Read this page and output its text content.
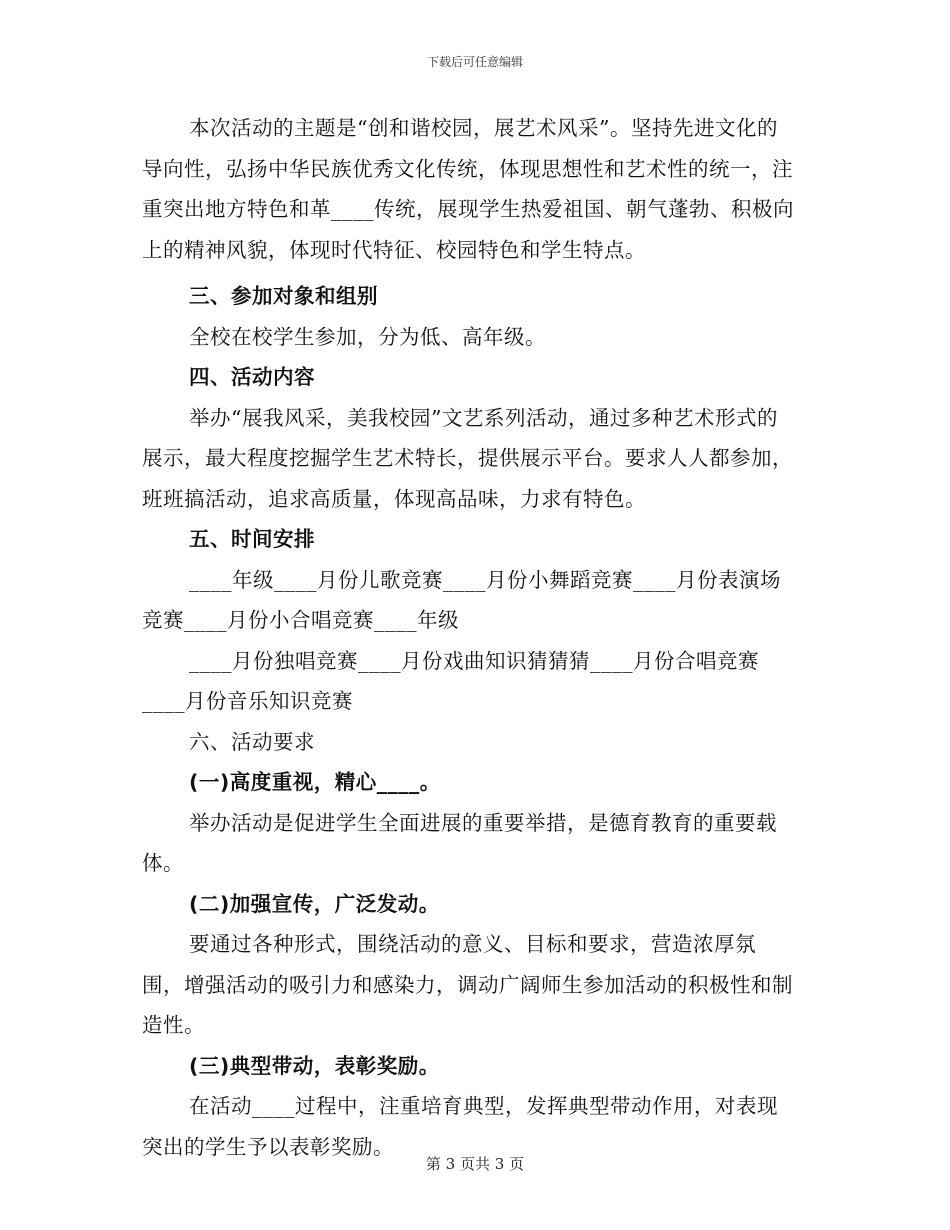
下载后可任意编辑

本次活动的主题是“创和谐校园，展艺术风采”。坚持先进文化的导向性，弘扬中华民族优秀文化传统，体现思想性和艺术性的统一，注重突出地方特色和革____传统，展现学生热爱祖国、朝气蓬勃、积极向上的精神风貌，体现时代特征、校园特色和学生特点。

三、参加对象和组别

全校在校学生参加，分为低、高年级。

四、活动内容

举办“展我风采，美我校园”文艺系列活动，通过多种艺术形式的展示，最大程度挖掘学生艺术特长，提供展示平台。要求人人都参加，班班搞活动，追求高质量，体现高品味，力求有特色。

五、时间安排

____年级____月份儿歌竞赛____月份小舞蹈竞赛____月份表演场竞赛____月份小合唱竞赛____年级

____月份独唱竞赛____月份戏曲知识猜猜猜____月份合唱竞赛____月份音乐知识竞赛

六、活动要求

(一)高度重视，精心____。

举办活动是促进学生全面进展的重要举措，是德育教育的重要载体。

(二)加强宣传，广泛发动。

要通过各种形式，围绕活动的意义、目标和要求，营造浓厚氛围，增强活动的吸引力和感染力，调动广阔师生参加活动的积极性和制造性。

(三)典型带动，表彰奖励。

在活动____过程中，注重培育典型，发挥典型带动作用，对表现突出的学生予以表彰奖励。

第 3 页共 3 页
